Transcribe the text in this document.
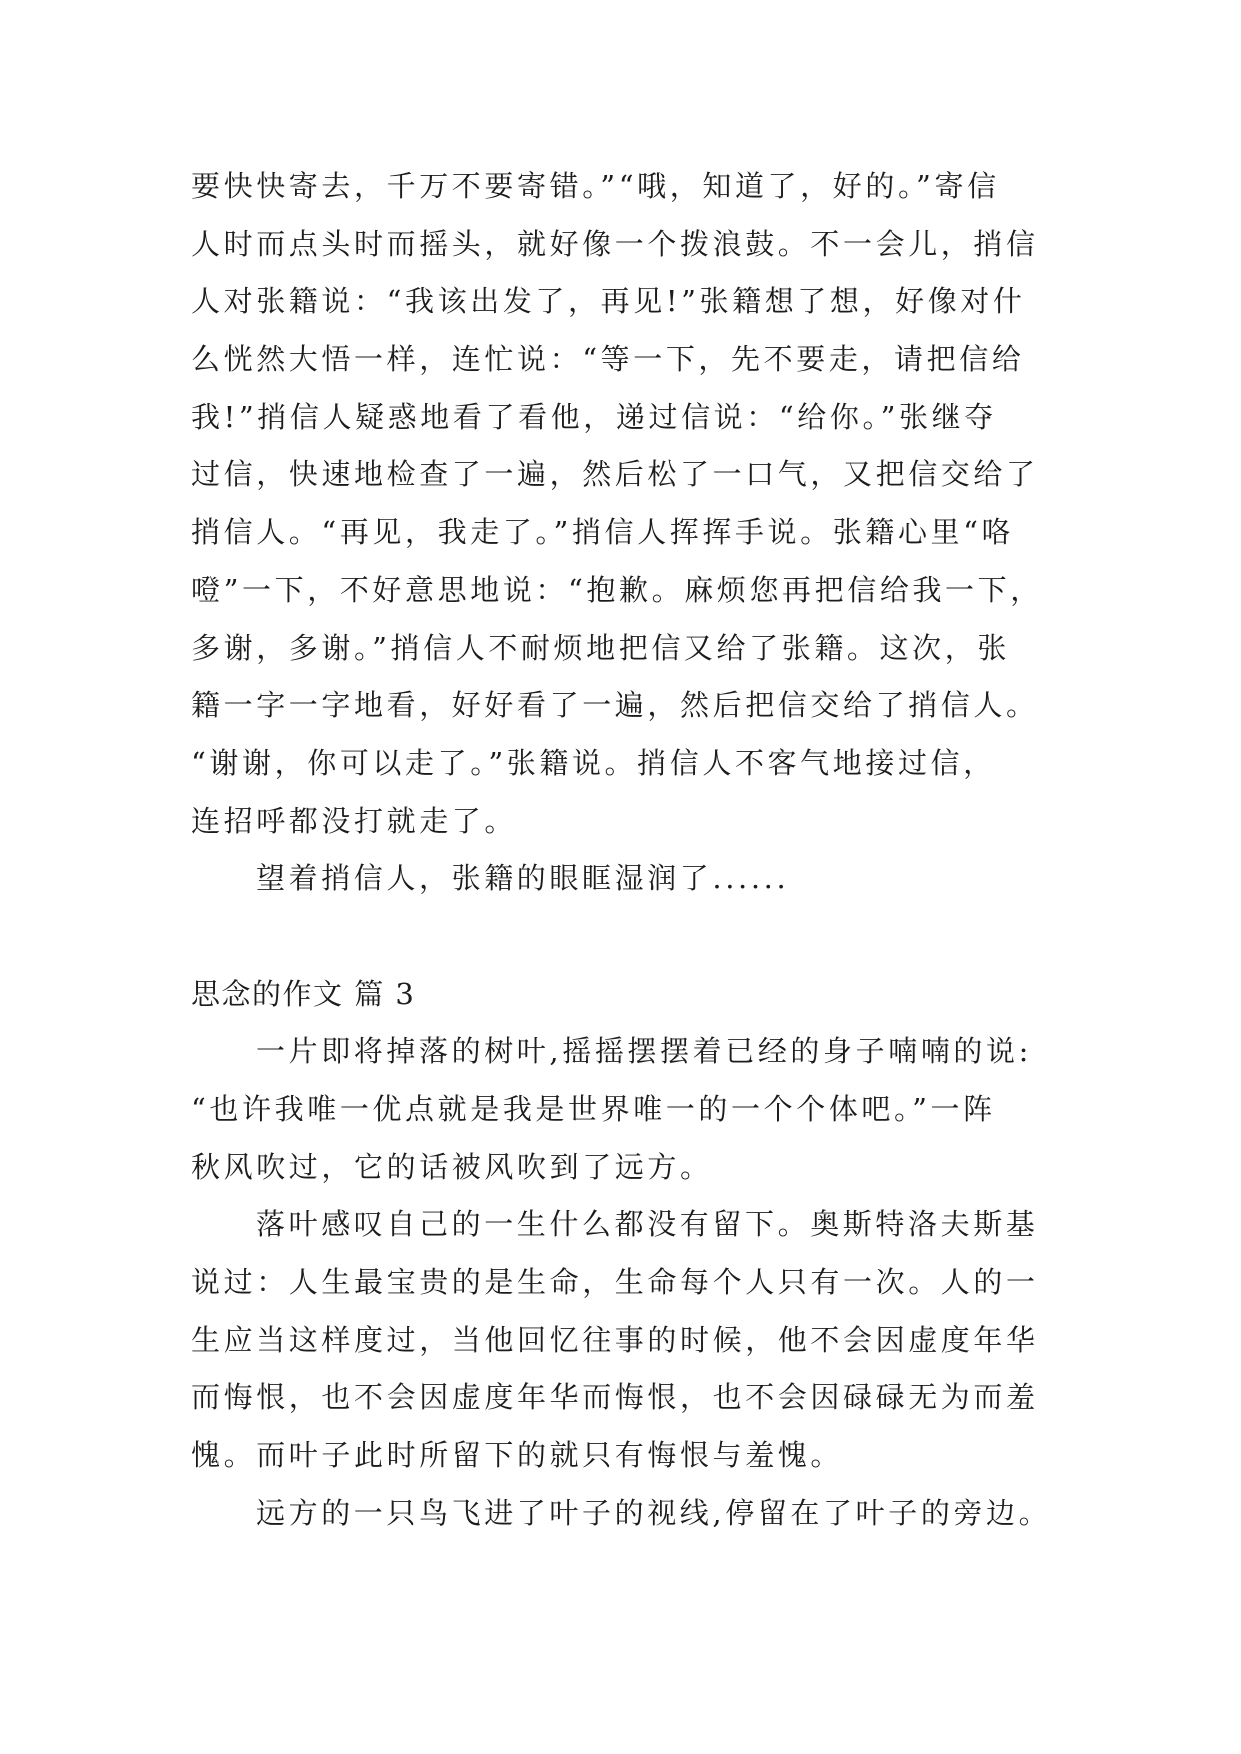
要快快寄去，千万不要寄错。”“哦，知道了，好的。”寄信
人时而点头时而摇头，就好像一个拨浪鼓。不一会儿，捎信
人对张籍说：“我该出发了，再见!”张籍想了想，好像对什
么恍然大悟一样，连忙说：“等一下，先不要走，请把信给
我!”捎信人疑惑地看了看他，递过信说：“给你。”张继夺
过信，快速地检查了一遍，然后松了一口气，又把信交给了
捎信人。“再见，我走了。”捎信人挥挥手说。张籍心里“咯
噔”一下，不好意思地说：“抱歉。麻烦您再把信给我一下，
多谢，多谢。”捎信人不耐烦地把信又给了张籍。这次，张
籍一字一字地看，好好看了一遍，然后把信交给了捎信人。
“谢谢，你可以走了。”张籍说。捎信人不客气地接过信，
连招呼都没打就走了。
望着捎信人，张籍的眼眶湿润了......
思念的作文 篇 3
一片即将掉落的树叶,摇摇摆摆着已经的身子喃喃的说:
“也许我唯一优点就是我是世界唯一的一个个体吧。”一阵
秋风吹过，它的话被风吹到了远方。
落叶感叹自己的一生什么都没有留下。奥斯特洛夫斯基
说过：人生最宝贵的是生命，生命每个人只有一次。人的一
生应当这样度过，当他回忆往事的时候，他不会因虚度年华
而悔恨，也不会因虚度年华而悔恨，也不会因碌碌无为而羞
愧。而叶子此时所留下的就只有悔恨与羞愧。
远方的一只鸟飞进了叶子的视线,停留在了叶子的旁边。
